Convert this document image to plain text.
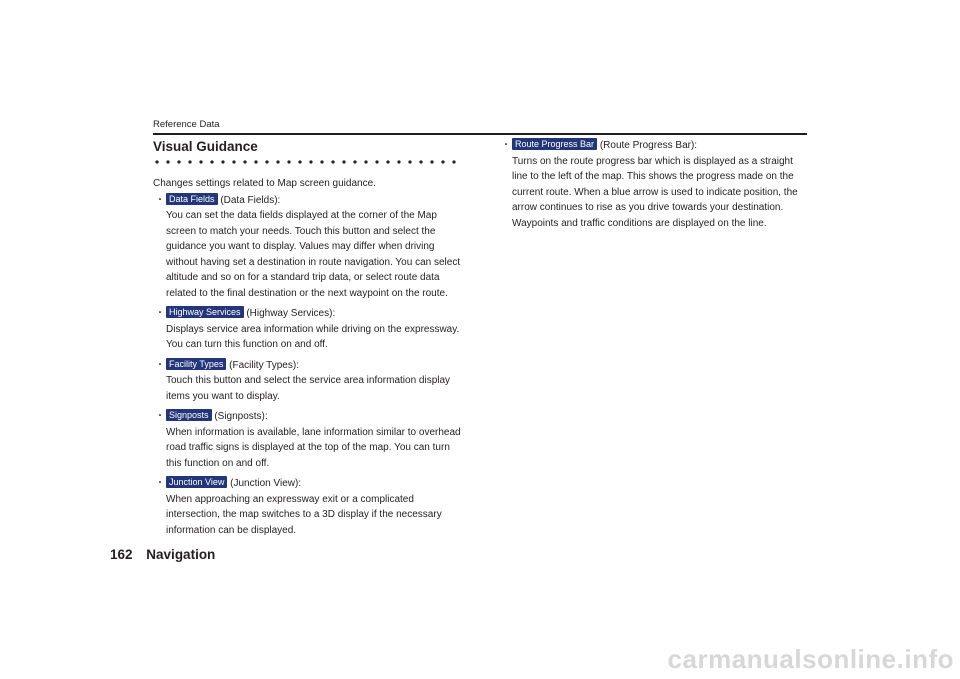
Reference Data
Visual Guidance

Changes settings related to Map screen guidance.

・ Data Fields (Data Fields):
You can set the data fields displayed at the corner of the Map screen to match your needs. Touch this button and select the guidance you want to display. Values may differ when driving without having set a destination in route navigation. You can select altitude and so on for a standard trip data, or select route data related to the final destination or the next waypoint on the route.
・ Highway Services (Highway Services):
Displays service area information while driving on the expressway. You can turn this function on and off.
・ Facility Types (Facility Types):
Touch this button and select the service area information display items you want to display.
・ Signposts (Signposts):
When information is available, lane information similar to overhead road traffic signs is displayed at the top of the map. You can turn this function on and off.
・ Junction View (Junction View):
When approaching an expressway exit or a complicated intersection, the map switches to a 3D display if the necessary information can be displayed.
・ Route Progress Bar (Route Progress Bar):
Turns on the route progress bar which is displayed as a straight line to the left of the map. This shows the progress made on the current route. When a blue arrow is used to indicate position, the arrow continues to rise as you drive towards your destination. Waypoints and traffic conditions are displayed on the line.
162 Navigation
carmanualsonline.info
